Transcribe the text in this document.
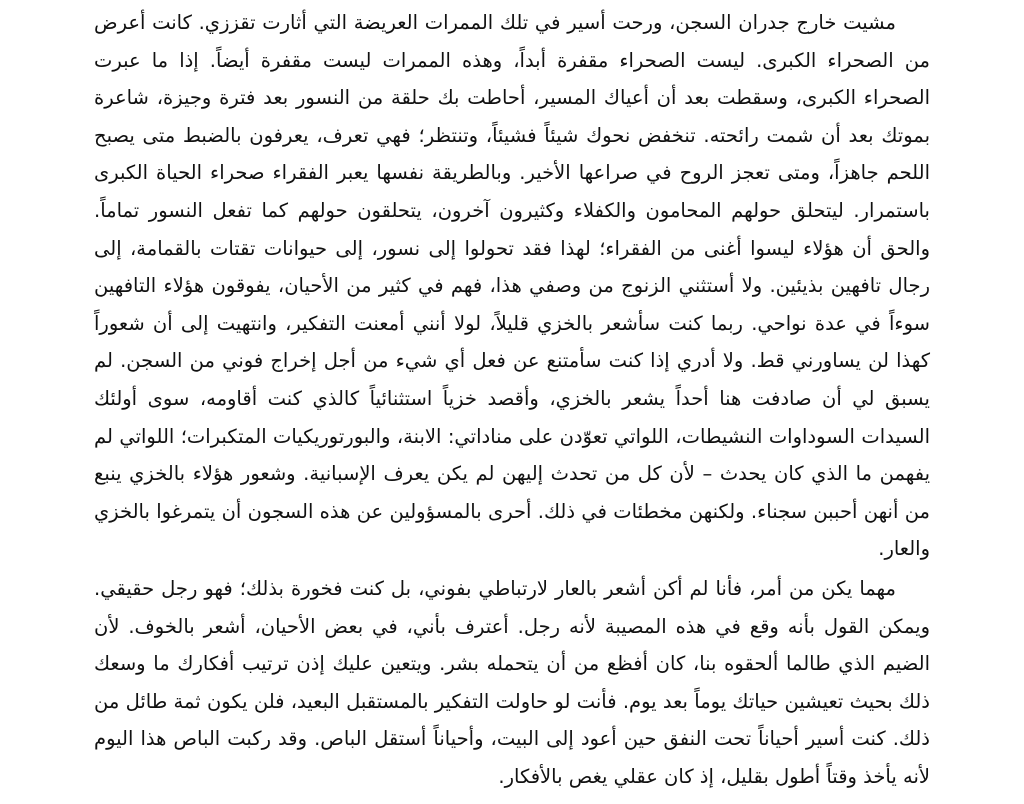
مشيت خارج جدران السجن، ورحت أسير في تلك الممرات العريضة التي أثارت تقززي. كانت أعرض من الصحراء الكبرى. ليست الصحراء مقفرة أبداً، وهذه الممرات ليست مقفرة أيضاً. إذا ما عبرت الصحراء الكبرى، وسقطت بعد أن أعياك المسير، أحاطت بك حلقة من النسور بعد فترة وجيزة، شاعرة بموتك بعد أن شمت رائحته. تنخفض نحوك شيئاً فشيئاً، وتنتظر؛ فهي تعرف، يعرفون بالضبط متى يصبح اللحم جاهزاً، ومتى تعجز الروح في صراعها الأخير. وبالطريقة نفسها يعبر الفقراء صحراء الحياة الكبرى باستمرار. ليتحلق حولهم المحامون والكفلاء وكثيرون آخرون، يتحلقون حولهم كما تفعل النسور تماماً. والحق أن هؤلاء ليسوا أغنى من الفقراء؛ لهذا فقد تحولوا إلى نسور، إلى حيوانات تقتات بالقمامة، إلى رجال تافهين بذيئين. ولا أستثني الزنوج من وصفي هذا، فهم في كثير من الأحيان، يفوقون هؤلاء التافهين سوءاً في عدة نواحي. ربما كنت سأشعر بالخزي قليلاً، لولا أنني أمعنت التفكير، وانتهيت إلى أن شعوراً كهذا لن يساورني قط. ولا أدري إذا كنت سأمتنع عن فعل أي شيء من أجل إخراج فوني من السجن. لم يسبق لي أن صادفت هنا أحداً يشعر بالخزي، وأقصد خزياً استثنائياً كالذي كنت أقاومه، سوى أولئك السيدات السوداوات النشيطات، اللواتي تعوّدن على مناداتي: الابنة، والبورتوريكيات المتكبرات؛ اللواتي لم يفهمن ما الذي كان يحدث – لأن كل من تحدث إليهن لم يكن يعرف الإسبانية. وشعور هؤلاء بالخزي ينبع من أنهن أحببن سجناء. ولكنهن مخطئات في ذلك. أحرى بالمسؤولين عن هذه السجون أن يتمرغوا بالخزي والعار.

مهما يكن من أمر، فأنا لم أكن أشعر بالعار لارتباطي بفوني، بل كنت فخورة بذلك؛ فهو رجل حقيقي. ويمكن القول بأنه وقع في هذه المصيبة لأنه رجل. أعترف بأني، في بعض الأحيان، أشعر بالخوف. لأن الضيم الذي طالما ألحقوه بنا، كان أفظع من أن يتحمله بشر. ويتعين عليك إذن ترتيب أفكارك ما وسعك ذلك بحيث تعيشين حياتك يوماً بعد يوم. فأنت لو حاولت التفكير بالمستقبل البعيد، فلن يكون ثمة طائل من ذلك. كنت أسير أحياناً تحت النفق حين أعود إلى البيت، وأحياناً أستقل الباص. وقد ركبت الباص هذا اليوم لأنه يأخذ وقتاً أطول بقليل، إذ كان عقلي يغص بالأفكار.
